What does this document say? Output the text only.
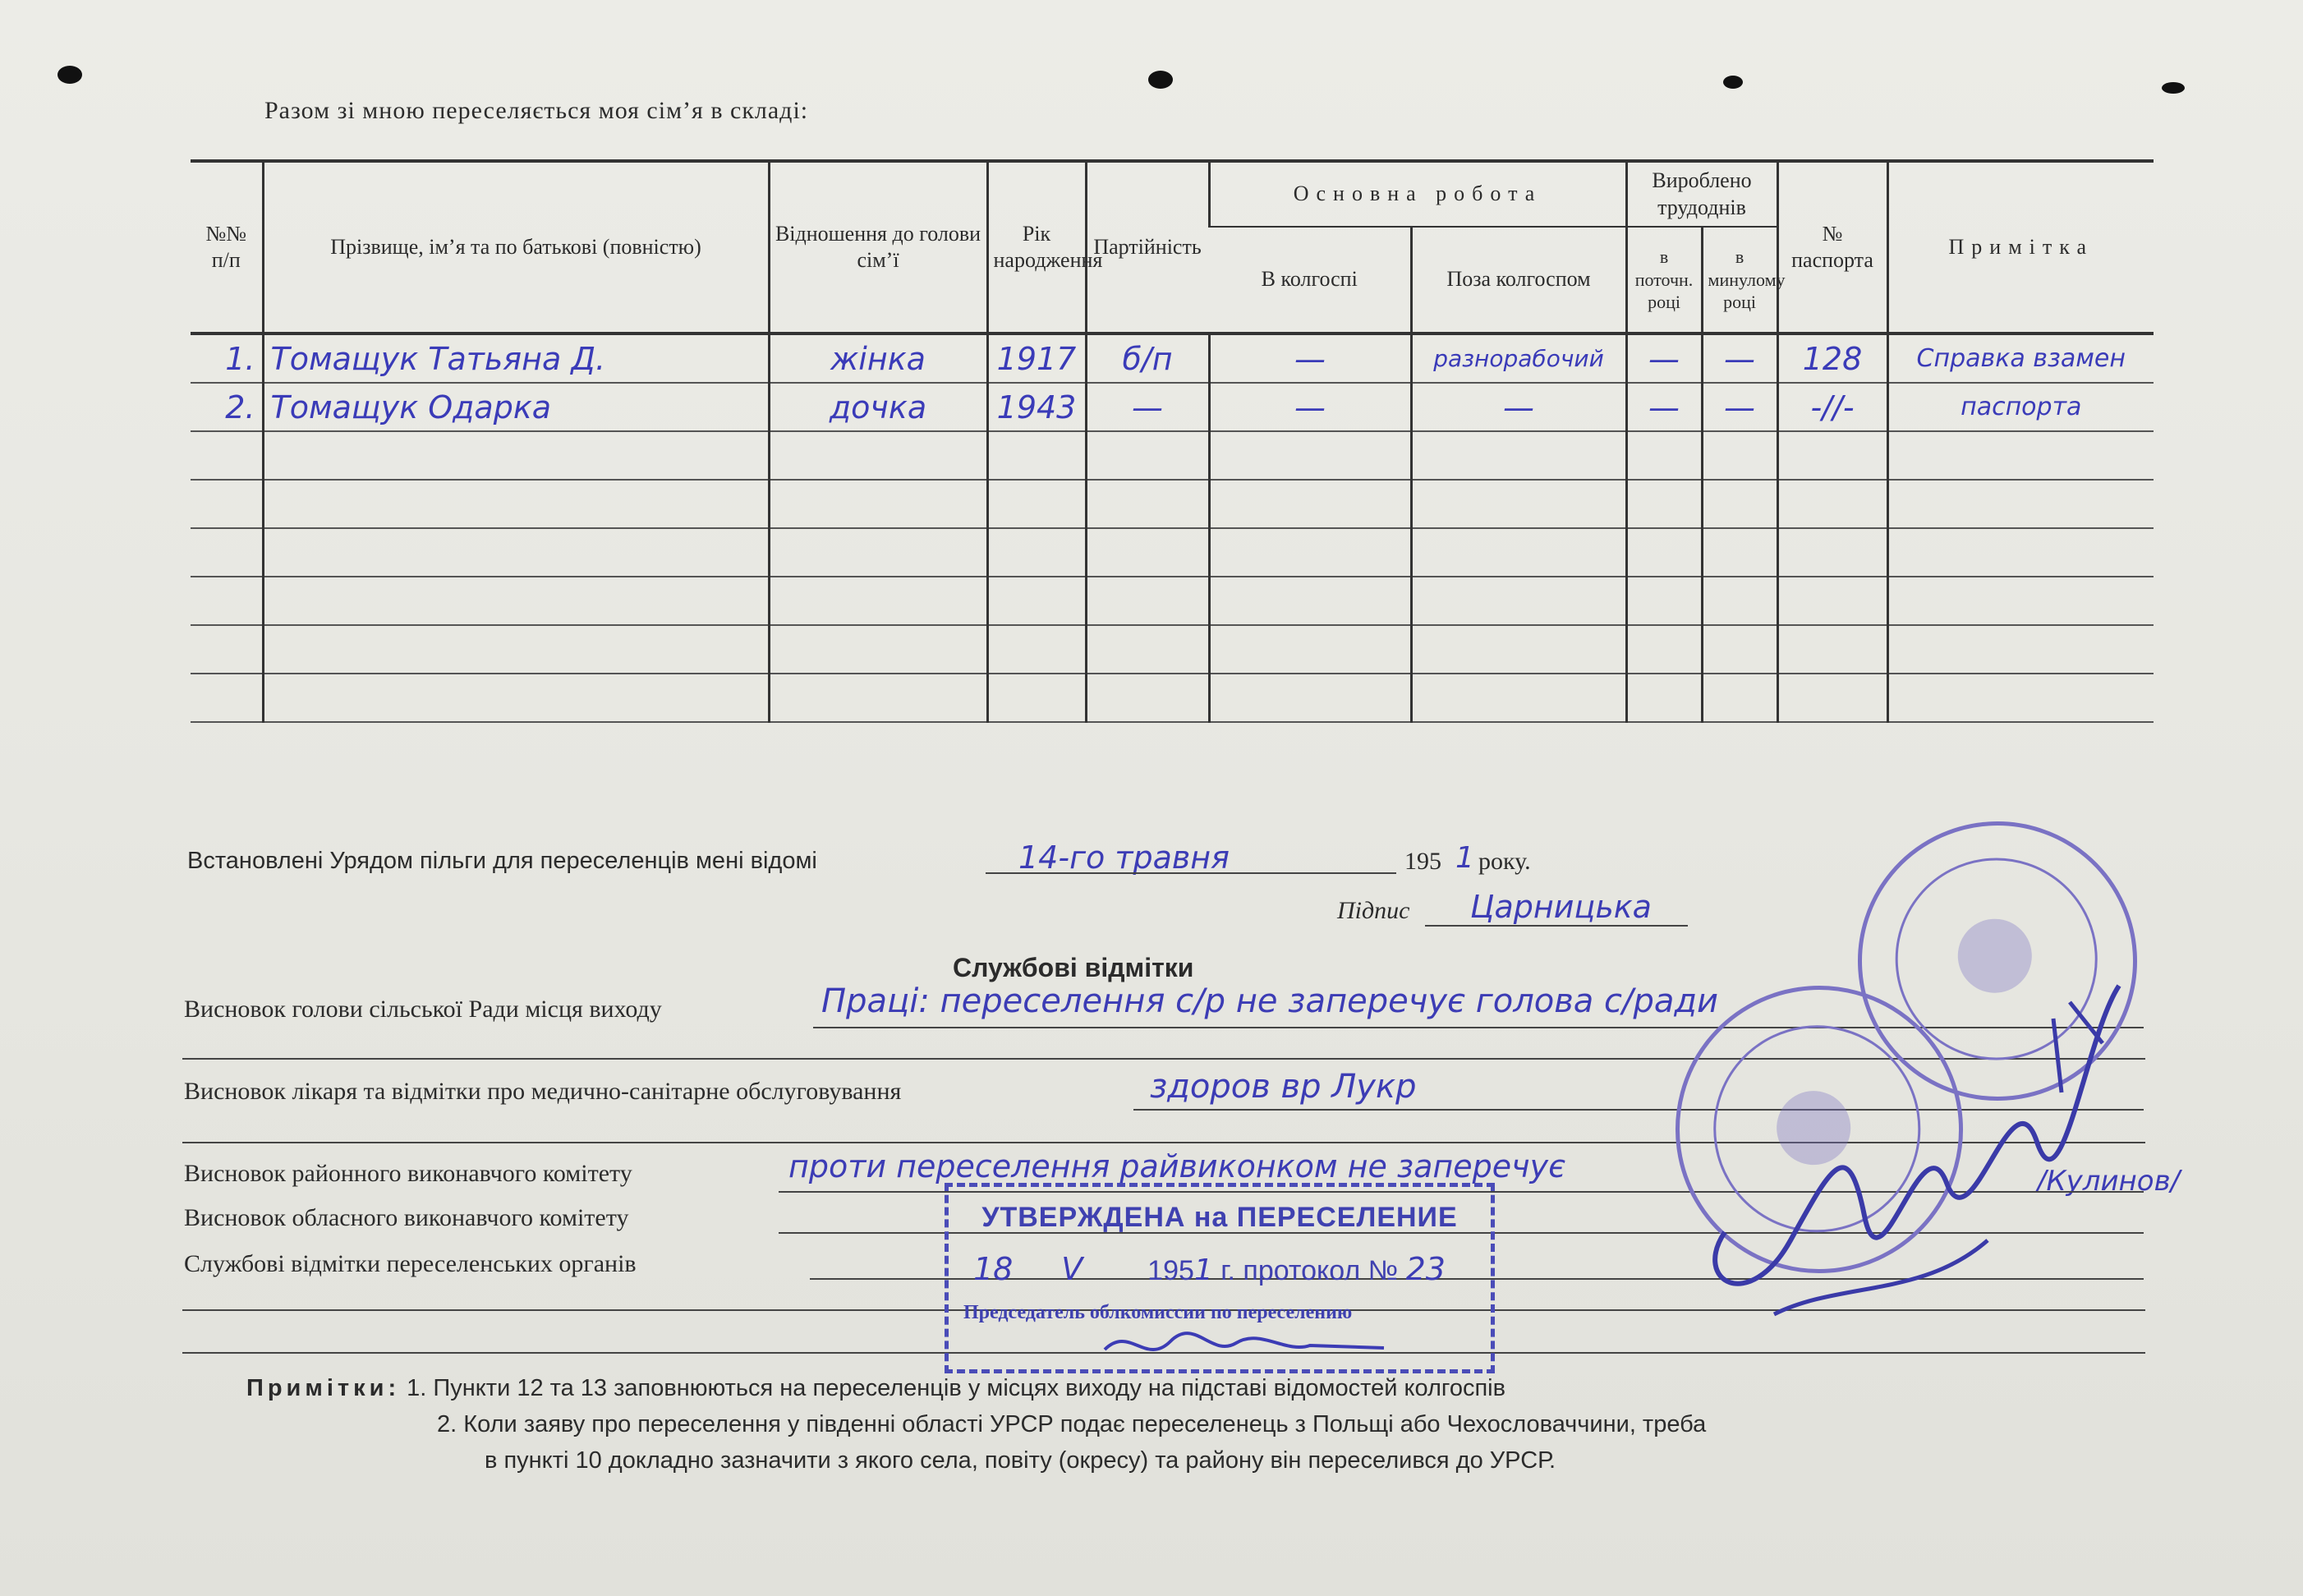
Разом зі мною переселяється моя сім’я в складі:
№№ п/п	Прізвище, ім’я та по батькові (повністю)	Відношення до голови сім’ї	Рік народження	Партійність	Основна робота		Вироблено трудоднів		№ паспорта	Примітка
					В колгоспі	Поза колгоспом	в поточн. році	в минулому році		
1.	Томащук Татьяна Д.	жінка	1917	б/п	—	разнорабочий	—	—	128	Справка взамен
2.	Томащук Одарка	дочка	1943	—	—	—	—	—	-//-	паспорта

Встановлені Урядом пільги для переселенців мені відомі	14-го травня	195 1 року.
Підпис Царницька
Службові відмітки
Висновок голови сільської Ради місця виходу	Праці: переселення с/р не заперечує голова с/ради
Висновок лікаря та відмітки про медично-санітарне обслуговування	здоров вр Лукр
Висновок районного виконавчого комітету	проти переселення райвиконком не заперечує	/Кулинов/
Висновок обласного виконавчого комітету
Службові відмітки переселенських органів
УТВЕРЖДЕНА на ПЕРЕСЕЛЕНИЕ
18 V 1951 г. протокол № 23
Председатель облкомиссии по переселению
Примітки: 1. Пункти 12 та 13 заповнюються на переселенців у місцях виходу на підставі відомостей колгоспів
2. Коли заяву про переселення у південні області УРСР подає переселенець з Польщі або Чехословаччини, треба
в пункті 10 докладно зазначити з якого села, повіту (окресу) та району він переселився до УРСР.
